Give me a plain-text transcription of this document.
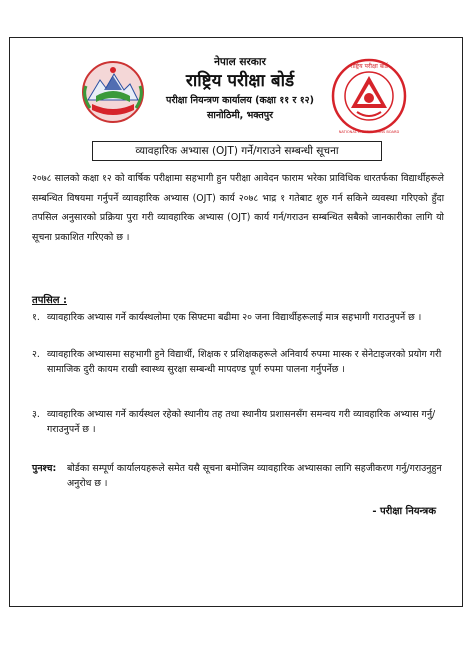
राष्ट्रिय परीक्षा बोर्ड
NATIONAL EXAMINATIONS BOARD
नेपाल सरकार
राष्ट्रिय परीक्षा बोर्ड
परीक्षा नियन्त्रण कार्यालय (कक्षा ११ र १२)
सानोठिमी, भक्तपुर
व्यावहारिक अभ्यास (OJT) गर्ने/गराउने सम्बन्धी सूचना
२०७८ सालको कक्षा १२ को वार्षिक परीक्षामा सहभागी हुन परीक्षा आवेदन फाराम भरेका प्राविधिक धारतर्फका विद्यार्थीहरूले सम्बन्धित विषयमा गर्नुपर्ने व्यावहारिक अभ्यास (OJT) कार्य २०७८ भाद्र १ गतेबाट शुरु गर्न सकिने व्यवस्था गरिएको हुँदा तपसिल अनुसारको प्रक्रिया पुरा गरी व्यावहारिक अभ्यास (OJT) कार्य गर्न/गराउन सम्बन्धित सबैको जानकारीका लागि यो सूचना प्रकाशित गरिएको छ ।
तपसिल :
१. व्यावहारिक अभ्यास गर्ने कार्यस्थलोमा एक सिफ्टमा बढीमा २० जना विद्यार्थीहरूलाई मात्र सहभागी गराउनुपर्ने छ ।
२. व्यावहारिक अभ्यासमा सहभागी हुने विद्यार्थी, शिक्षक र प्रशिक्षकहरूले अनिवार्य रुपमा मास्क र सेनेटाइजरको प्रयोग गरी सामाजिक दुरी कायम राखी स्वास्थ्य सुरक्षा सम्बन्धी मापदण्ड पूर्ण रुपमा पालना गर्नुपर्नेछ ।
३. व्यावहारिक अभ्यास गर्ने कार्यस्थल रहेको स्थानीय तह तथा स्थानीय प्रशासनसँग समन्वय गरी व्यावहारिक अभ्यास गर्नु/गराउनुपर्ने छ ।
पुनश्च:	बोर्डका सम्पूर्ण कार्यालयहरूले समेत यसै सूचना बमोजिम व्यावहारिक अभ्यासका लागि सहजीकरण गर्नु/गराउनुहुन अनुरोध छ ।
- परीक्षा नियन्त्रक
